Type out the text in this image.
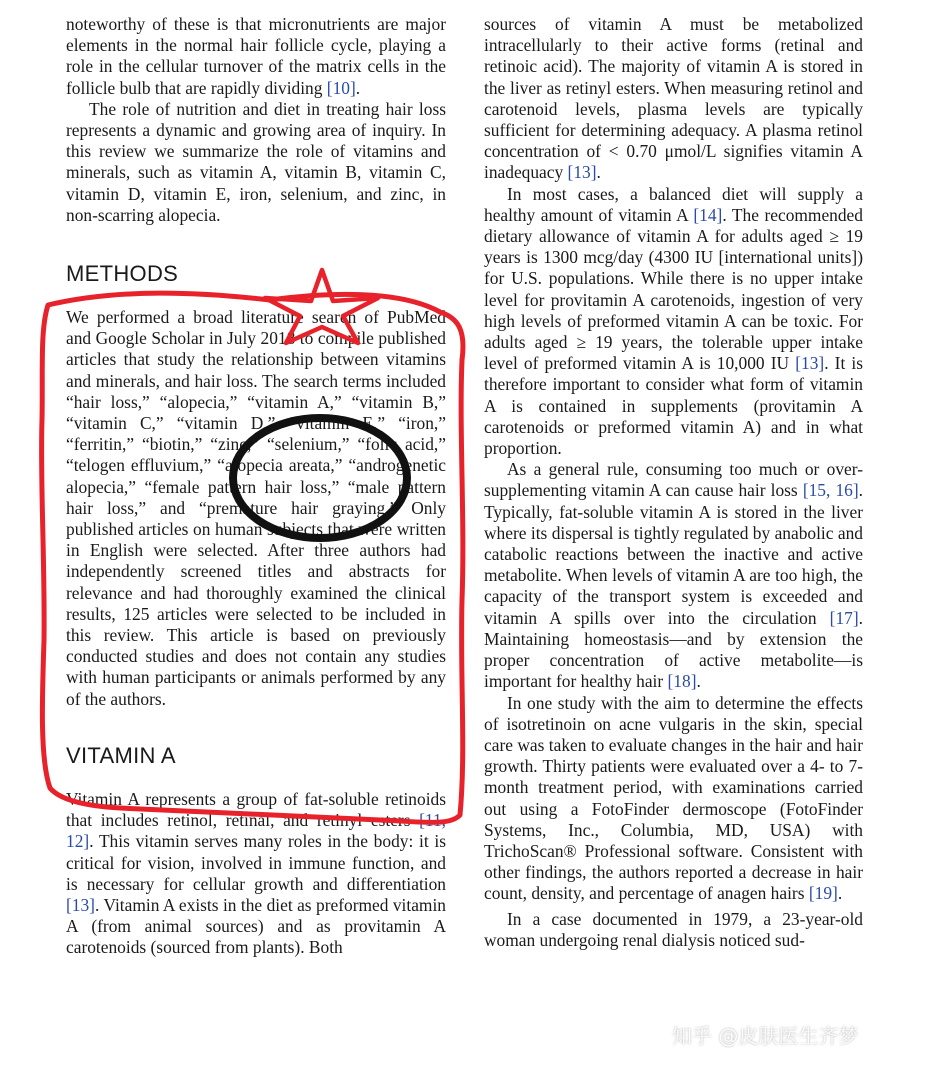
noteworthy of these is that micronutrients are major elements in the normal hair follicle cycle, playing a role in the cellular turnover of the matrix cells in the follicle bulb that are rapidly dividing [10].

The role of nutrition and diet in treating hair loss represents a dynamic and growing area of inquiry. In this review we summarize the role of vitamins and minerals, such as vitamin A, vitamin B, vitamin C, vitamin D, vitamin E, iron, selenium, and zinc, in non-scarring alopecia.

METHODS

We performed a broad literature search of PubMed and Google Scholar in July 2018 to compile published articles that study the relationship between vitamins and minerals, and hair loss. The search terms included “hair loss,” “alopecia,” “vitamin A,” “vitamin B,” “vitamin C,” “vitamin D,” “vitamin E,” “iron,” “ferritin,” “biotin,” “zinc,” “selenium,” “folic acid,” “telogen effluvium,” “alopecia areata,” “androgenetic alopecia,” “female pattern hair loss,” “male pattern hair loss,” and “premature hair graying.” Only published articles on human subjects that were written in English were selected. After three authors had independently screened titles and abstracts for relevance and had thoroughly examined the clinical results, 125 articles were selected to be included in this review. This article is based on previously conducted studies and does not contain any studies with human participants or animals performed by any of the authors.

VITAMIN A

Vitamin A represents a group of fat-soluble retinoids that includes retinol, retinal, and retinyl esters [11, 12]. This vitamin serves many roles in the body: it is critical for vision, involved in immune function, and is necessary for cellular growth and differentiation [13]. Vitamin A exists in the diet as preformed vitamin A (from animal sources) and as provitamin A carotenoids (sourced from plants). Both

sources of vitamin A must be metabolized intracellularly to their active forms (retinal and retinoic acid). The majority of vitamin A is stored in the liver as retinyl esters. When measuring retinol and carotenoid levels, plasma levels are typically sufficient for determining adequacy. A plasma retinol concentration of < 0.70 μmol/L signifies vitamin A inadequacy [13].

In most cases, a balanced diet will supply a healthy amount of vitamin A [14]. The recommended dietary allowance of vitamin A for adults aged ≥ 19 years is 1300 mcg/day (4300 IU [international units]) for U.S. populations. While there is no upper intake level for provitamin A carotenoids, ingestion of very high levels of preformed vitamin A can be toxic. For adults aged ≥ 19 years, the tolerable upper intake level of preformed vitamin A is 10,000 IU [13]. It is therefore important to consider what form of vitamin A is contained in supplements (provitamin A carotenoids or preformed vitamin A) and in what proportion.

As a general rule, consuming too much or over-supplementing vitamin A can cause hair loss [15, 16]. Typically, fat-soluble vitamin A is stored in the liver where its dispersal is tightly regulated by anabolic and catabolic reactions between the inactive and active metabolite. When levels of vitamin A are too high, the capacity of the transport system is exceeded and vitamin A spills over into the circulation [17]. Maintaining homeostasis—and by extension the proper concentration of active metabolite—is important for healthy hair [18].

In one study with the aim to determine the effects of isotretinoin on acne vulgaris in the skin, special care was taken to evaluate changes in the hair and hair growth. Thirty patients were evaluated over a 4- to 7-month treatment period, with examinations carried out using a FotoFinder dermoscope (FotoFinder Systems, Inc., Columbia, MD, USA) with TrichoScan® Professional software. Consistent with other findings, the authors reported a decrease in hair count, density, and percentage of anagen hairs [19].

In a case documented in 1979, a 23-year-old woman undergoing renal dialysis noticed sud-

知乎 @皮肤医生齐梦
